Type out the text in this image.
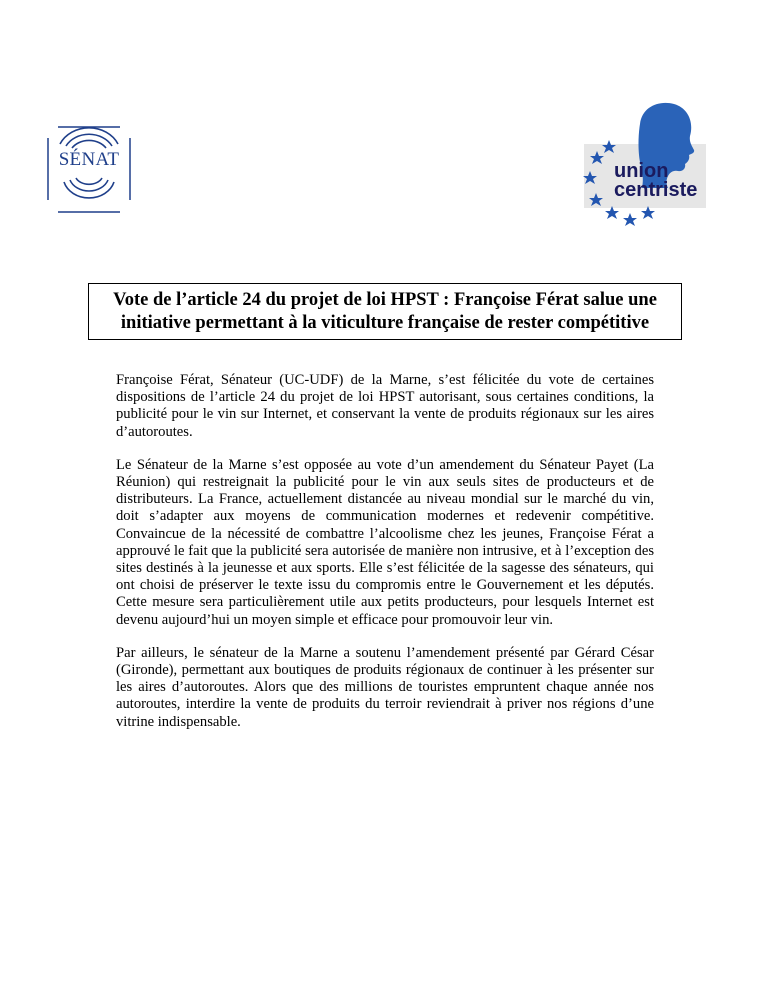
SÉNAT
union
centriste
Vote de l’article 24 du projet de loi HPST : Françoise Férat salue une initiative permettant à la viticulture française de rester compétitive

Françoise Férat, Sénateur (UC-UDF) de la Marne, s’est félicitée du vote de certaines dispositions de l’article 24 du projet de loi HPST autorisant, sous certaines conditions, la publicité pour le vin sur Internet, et conservant la vente de produits régionaux sur les aires d’autoroutes.

Le Sénateur de la Marne s’est opposée au vote d’un amendement du Sénateur Payet (La Réunion) qui restreignait la publicité pour le vin aux seuls sites de producteurs et de distributeurs. La France, actuellement distancée au niveau mondial sur le marché du vin, doit s’adapter aux moyens de communication modernes et redevenir compétitive. Convaincue de la nécessité de combattre l’alcoolisme chez les jeunes, Françoise Férat a approuvé le fait que la publicité sera autorisée de manière non intrusive, et à l’exception des sites destinés à la jeunesse et aux sports. Elle s’est félicitée de la sagesse des sénateurs, qui ont choisi de préserver le texte issu du compromis entre le Gouvernement et les députés. Cette mesure sera particulièrement utile aux petits producteurs, pour lesquels Internet est devenu aujourd’hui un moyen simple et efficace pour promouvoir leur vin.

Par ailleurs, le sénateur de la Marne a soutenu l’amendement présenté par Gérard César (Gironde), permettant aux boutiques de produits régionaux de continuer à les présenter sur les aires d’autoroutes. Alors que des millions de touristes empruntent chaque année nos autoroutes, interdire la vente de produits du terroir reviendrait à priver nos régions d’une vitrine indispensable.
